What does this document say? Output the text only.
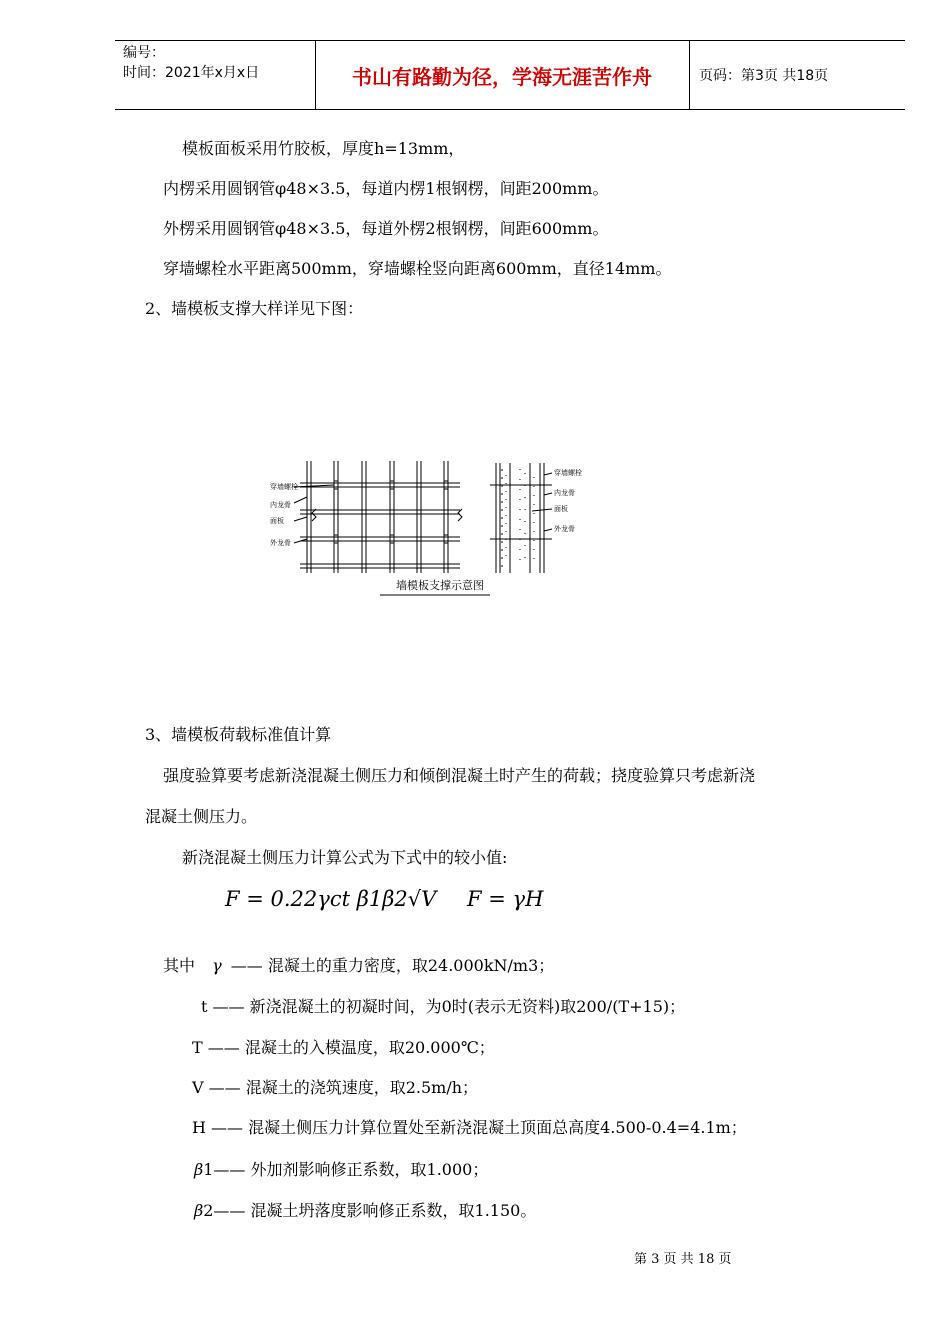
编号：
时间：2021年x月x日	书山有路勤为径，学海无涯苦作舟	页码：第3页 共18页
模板面板采用竹胶板，厚度h=13mm，
内楞采用圆钢管φ48×3.5，每道内楞1根钢楞，间距200mm。
外楞采用圆钢管φ48×3.5，每道外楞2根钢楞，间距600mm。
穿墙螺栓水平距离500mm，穿墙螺栓竖向距离600mm，直径14mm。
2、墙模板支撑大样详见下图：
穿墙螺栓
内龙骨
面板
外龙骨
穿墙螺栓
内龙骨
面板
外龙骨
墙模板支撑示意图
3、墙模板荷载标准值计算
强度验算要考虑新浇混凝土侧压力和倾倒混凝土时产生的荷载；挠度验算只考虑新浇
混凝土侧压力。
新浇混凝土侧压力计算公式为下式中的较小值:
F = 0.22γct β1β2√V F = γH
其中 γ —— 混凝土的重力密度，取24.000kN/m3；
t —— 新浇混凝土的初凝时间，为0时(表示无资料)取200/(T+15)；
T —— 混凝土的入模温度，取20.000℃；
V —— 混凝土的浇筑速度，取2.5m/h；
H —— 混凝土侧压力计算位置处至新浇混凝土顶面总高度4.500-0.4=4.1m；
β1—— 外加剂影响修正系数，取1.000；
β2—— 混凝土坍落度影响修正系数，取1.150。
第 3 页 共 18 页
